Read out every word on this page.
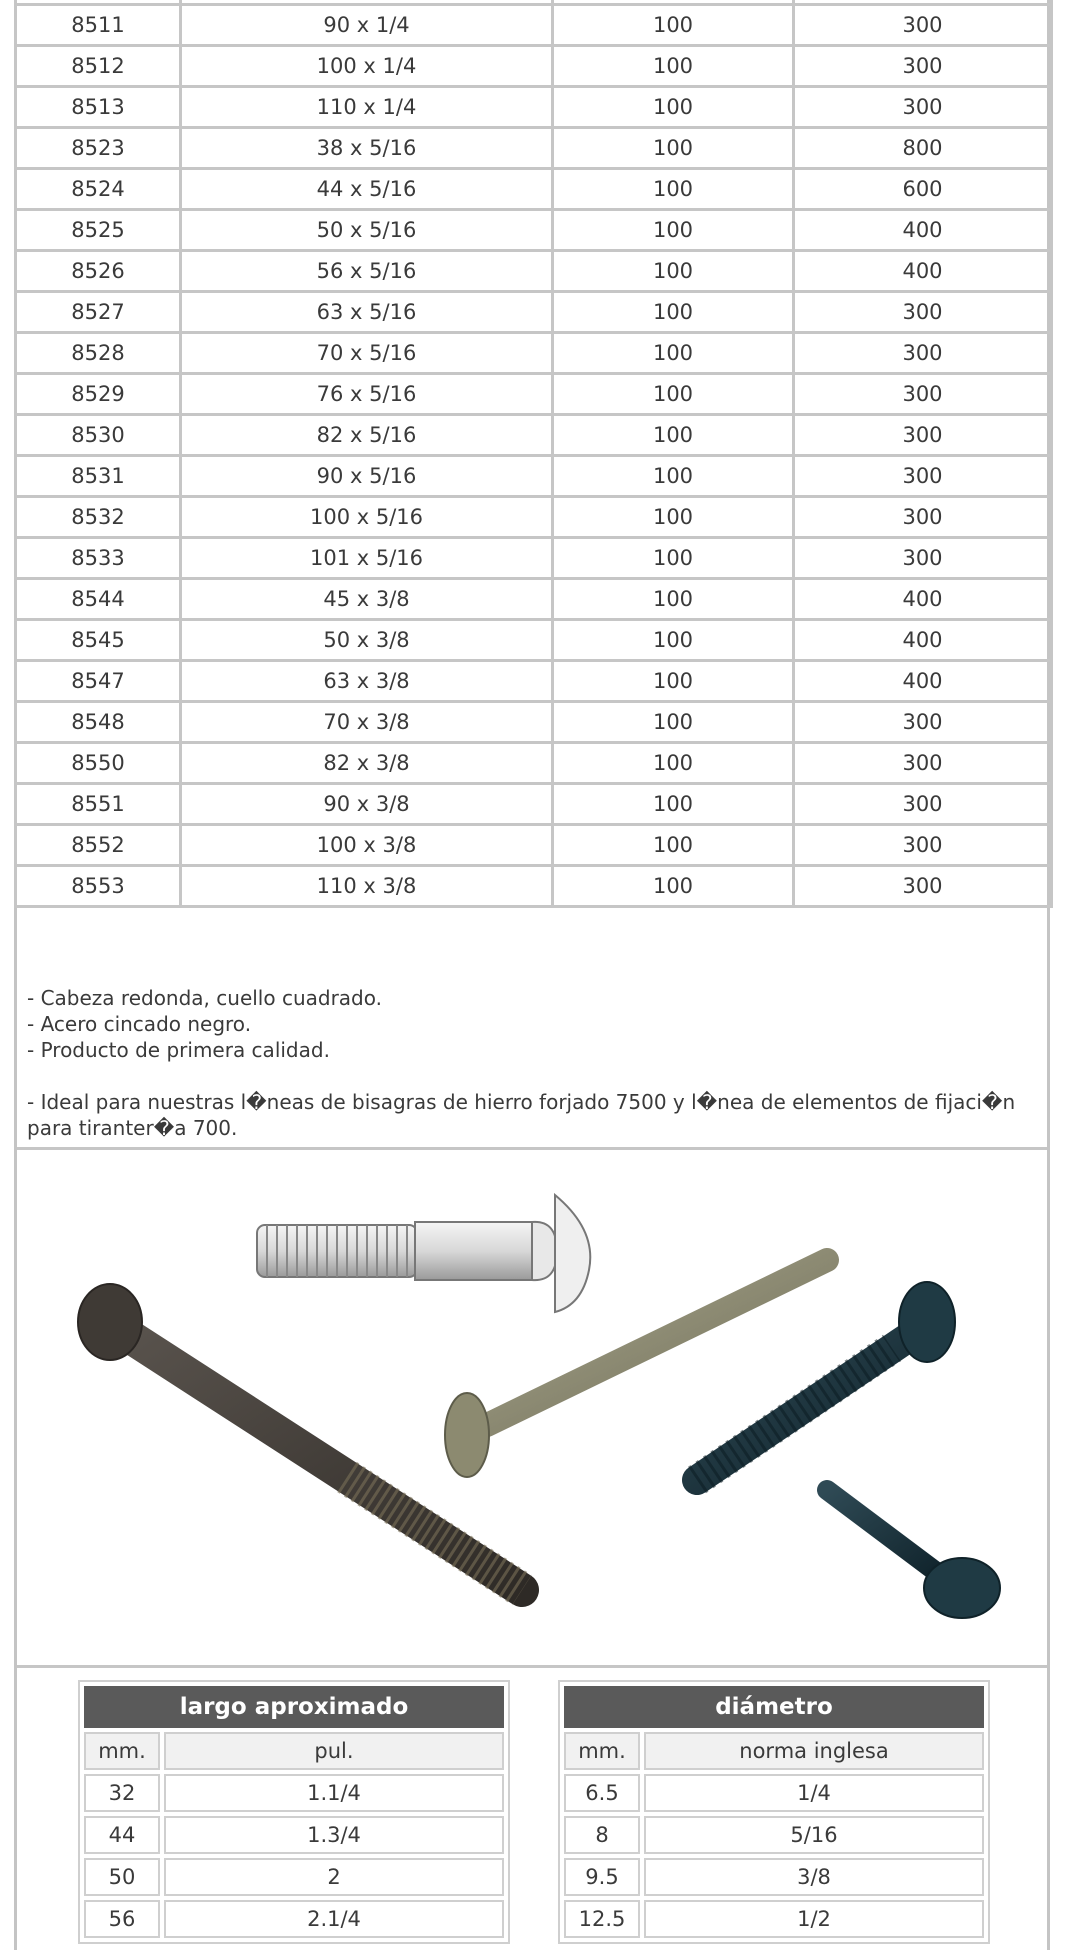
8511	90 x 1/4	100	300
8512	100 x 1/4	100	300
8513	110 x 1/4	100	300
8523	38 x 5/16	100	800
8524	44 x 5/16	100	600
8525	50 x 5/16	100	400
8526	56 x 5/16	100	400
8527	63 x 5/16	100	300
8528	70 x 5/16	100	300
8529	76 x 5/16	100	300
8530	82 x 5/16	100	300
8531	90 x 5/16	100	300
8532	100 x 5/16	100	300
8533	101 x 5/16	100	300
8544	45 x 3/8	100	400
8545	50 x 3/8	100	400
8547	63 x 3/8	100	400
8548	70 x 3/8	100	300
8550	82 x 3/8	100	300
8551	90 x 3/8	100	300
8552	100 x 3/8	100	300
8553	110 x 3/8	100	300
- Cabeza redonda, cuello cuadrado.
- Acero cincado negro.
- Producto de primera calidad.
- Ideal para nuestras l�neas de bisagras de hierro forjado 7500 y l�nea de elementos de fijaci�n para tiranter�a 700.
largo aproximado	
mm.	pul.
32	1.1/4
44	1.3/4
50	2
56	2.1/4
diámetro	
mm.	norma inglesa
6.5	1/4
8	5/16
9.5	3/8
12.5	1/2
